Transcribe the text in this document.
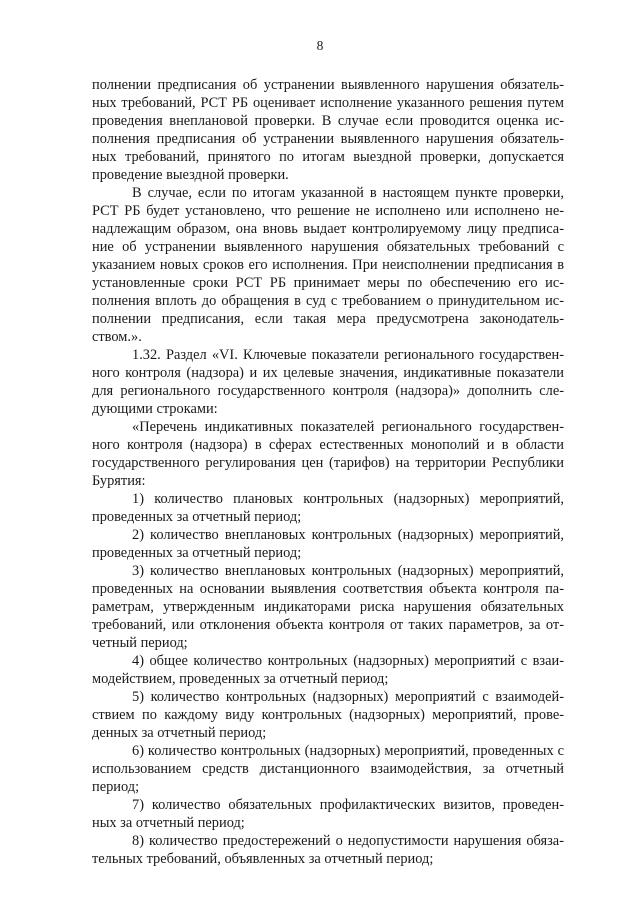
8

полнении предписания об устранении выявленного нарушения обязатель-ных требований, РСТ РБ оценивает исполнение указанного решения путем проведения внеплановой проверки. В случае если проводится оценка ис-полнения предписания об устранении выявленного нарушения обязатель-ных требований, принятого по итогам выездной проверки, допускается проведение выездной проверки.

В случае, если по итогам указанной в настоящем пункте проверки, РСТ РБ будет установлено, что решение не исполнено или исполнено не-надлежащим образом, она вновь выдает контролируемому лицу предписа-ние об устранении выявленного нарушения обязательных требований с указанием новых сроков его исполнения. При неисполнении предписания в установленные сроки РСТ РБ принимает меры по обеспечению его ис-полнения вплоть до обращения в суд с требованием о принудительном ис-полнении предписания, если такая мера предусмотрена законодатель-ством.».

1.32. Раздел «VI. Ключевые показатели регионального государствен-ного контроля (надзора) и их целевые значения, индикативные показатели для регионального государственного контроля (надзора)» дополнить сле-дующими строками:

«Перечень индикативных показателей регионального государствен-ного контроля (надзора) в сферах естественных монополий и в области государственного регулирования цен (тарифов) на территории Республики Бурятия:

1) количество плановых контрольных (надзорных) мероприятий, проведенных за отчетный период;

2) количество внеплановых контрольных (надзорных) мероприятий, проведенных за отчетный период;

3) количество внеплановых контрольных (надзорных) мероприятий, проведенных на основании выявления соответствия объекта контроля па-раметрам, утвержденным индикаторами риска нарушения обязательных требований, или отклонения объекта контроля от таких параметров, за от-четный период;

4) общее количество контрольных (надзорных) мероприятий с взаи-модействием, проведенных за отчетный период;

5) количество контрольных (надзорных) мероприятий с взаимодей-ствием по каждому виду контрольных (надзорных) мероприятий, прове-денных за отчетный период;

6) количество контрольных (надзорных) мероприятий, проведенных с использованием средств дистанционного взаимодействия, за отчетный период;

7) количество обязательных профилактических визитов, проведен-ных за отчетный период;

8) количество предостережений о недопустимости нарушения обяза-тельных требований, объявленных за отчетный период;
